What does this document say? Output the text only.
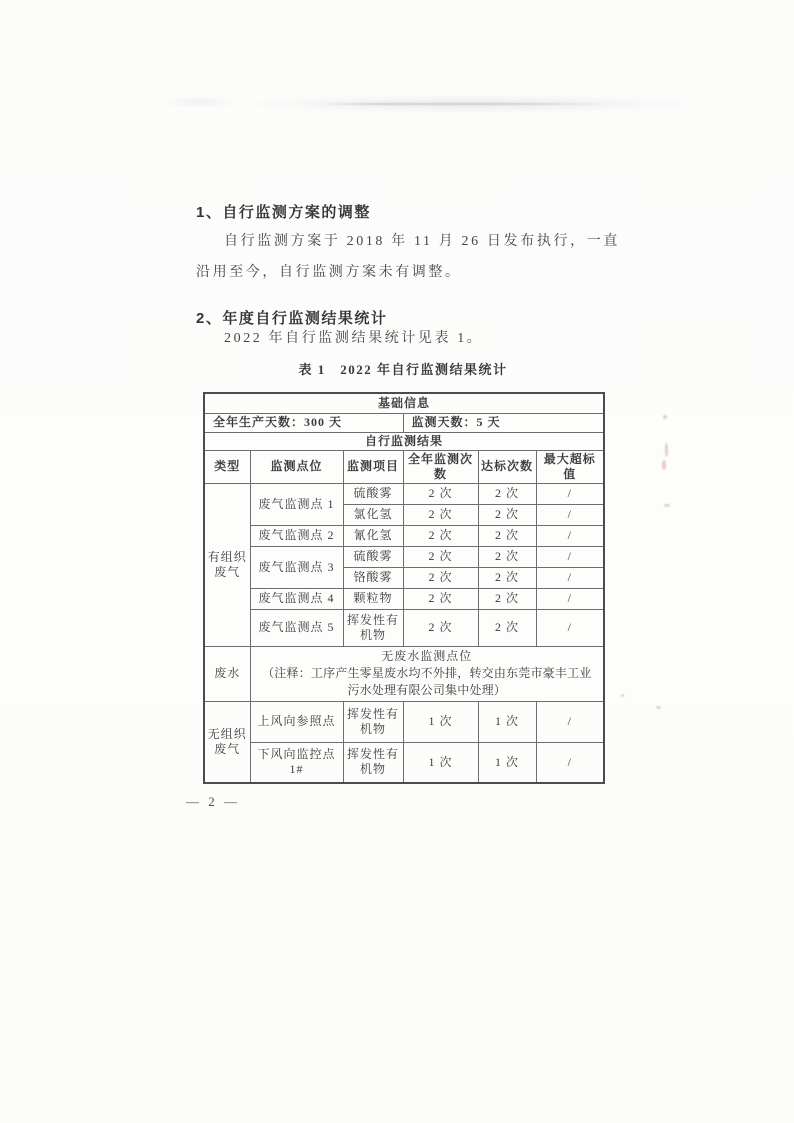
1、自行监测方案的调整
自行监测方案于 2018 年 11 月 26 日发布执行，一直沿用至今，自行监测方案未有调整。
2、年度自行监测结果统计
2022 年自行监测结果统计见表 1。
表 1　2022 年自行监测结果统计
基础信息					
全年生产天数：300 天			监测天数：5 天		
自行监测结果					
类型	监测点位	监测项目	全年监测次数	达标次数	最大超标值
有组织废气	废气监测点 1	硫酸雾	2 次	2 次	/
		氯化氢	2 次	2 次	/
	废气监测点 2	氰化氢	2 次	2 次	/
	废气监测点 3	硫酸雾	2 次	2 次	/
		铬酸雾	2 次	2 次	/
	废气监测点 4	颗粒物	2 次	2 次	/
	废气监测点 5	挥发性有机物	2 次	2 次	/
废水	无废水监测点位
（注释：工序产生零星废水均不外排，转交由东莞市豪丰工业污水处理有限公司集中处理）				

无组织废气	上风向参照点	挥发性有机物	1 次	1 次	/
	下风向监控点 1#	挥发性有机物	1 次	1 次	/
— 2 —
